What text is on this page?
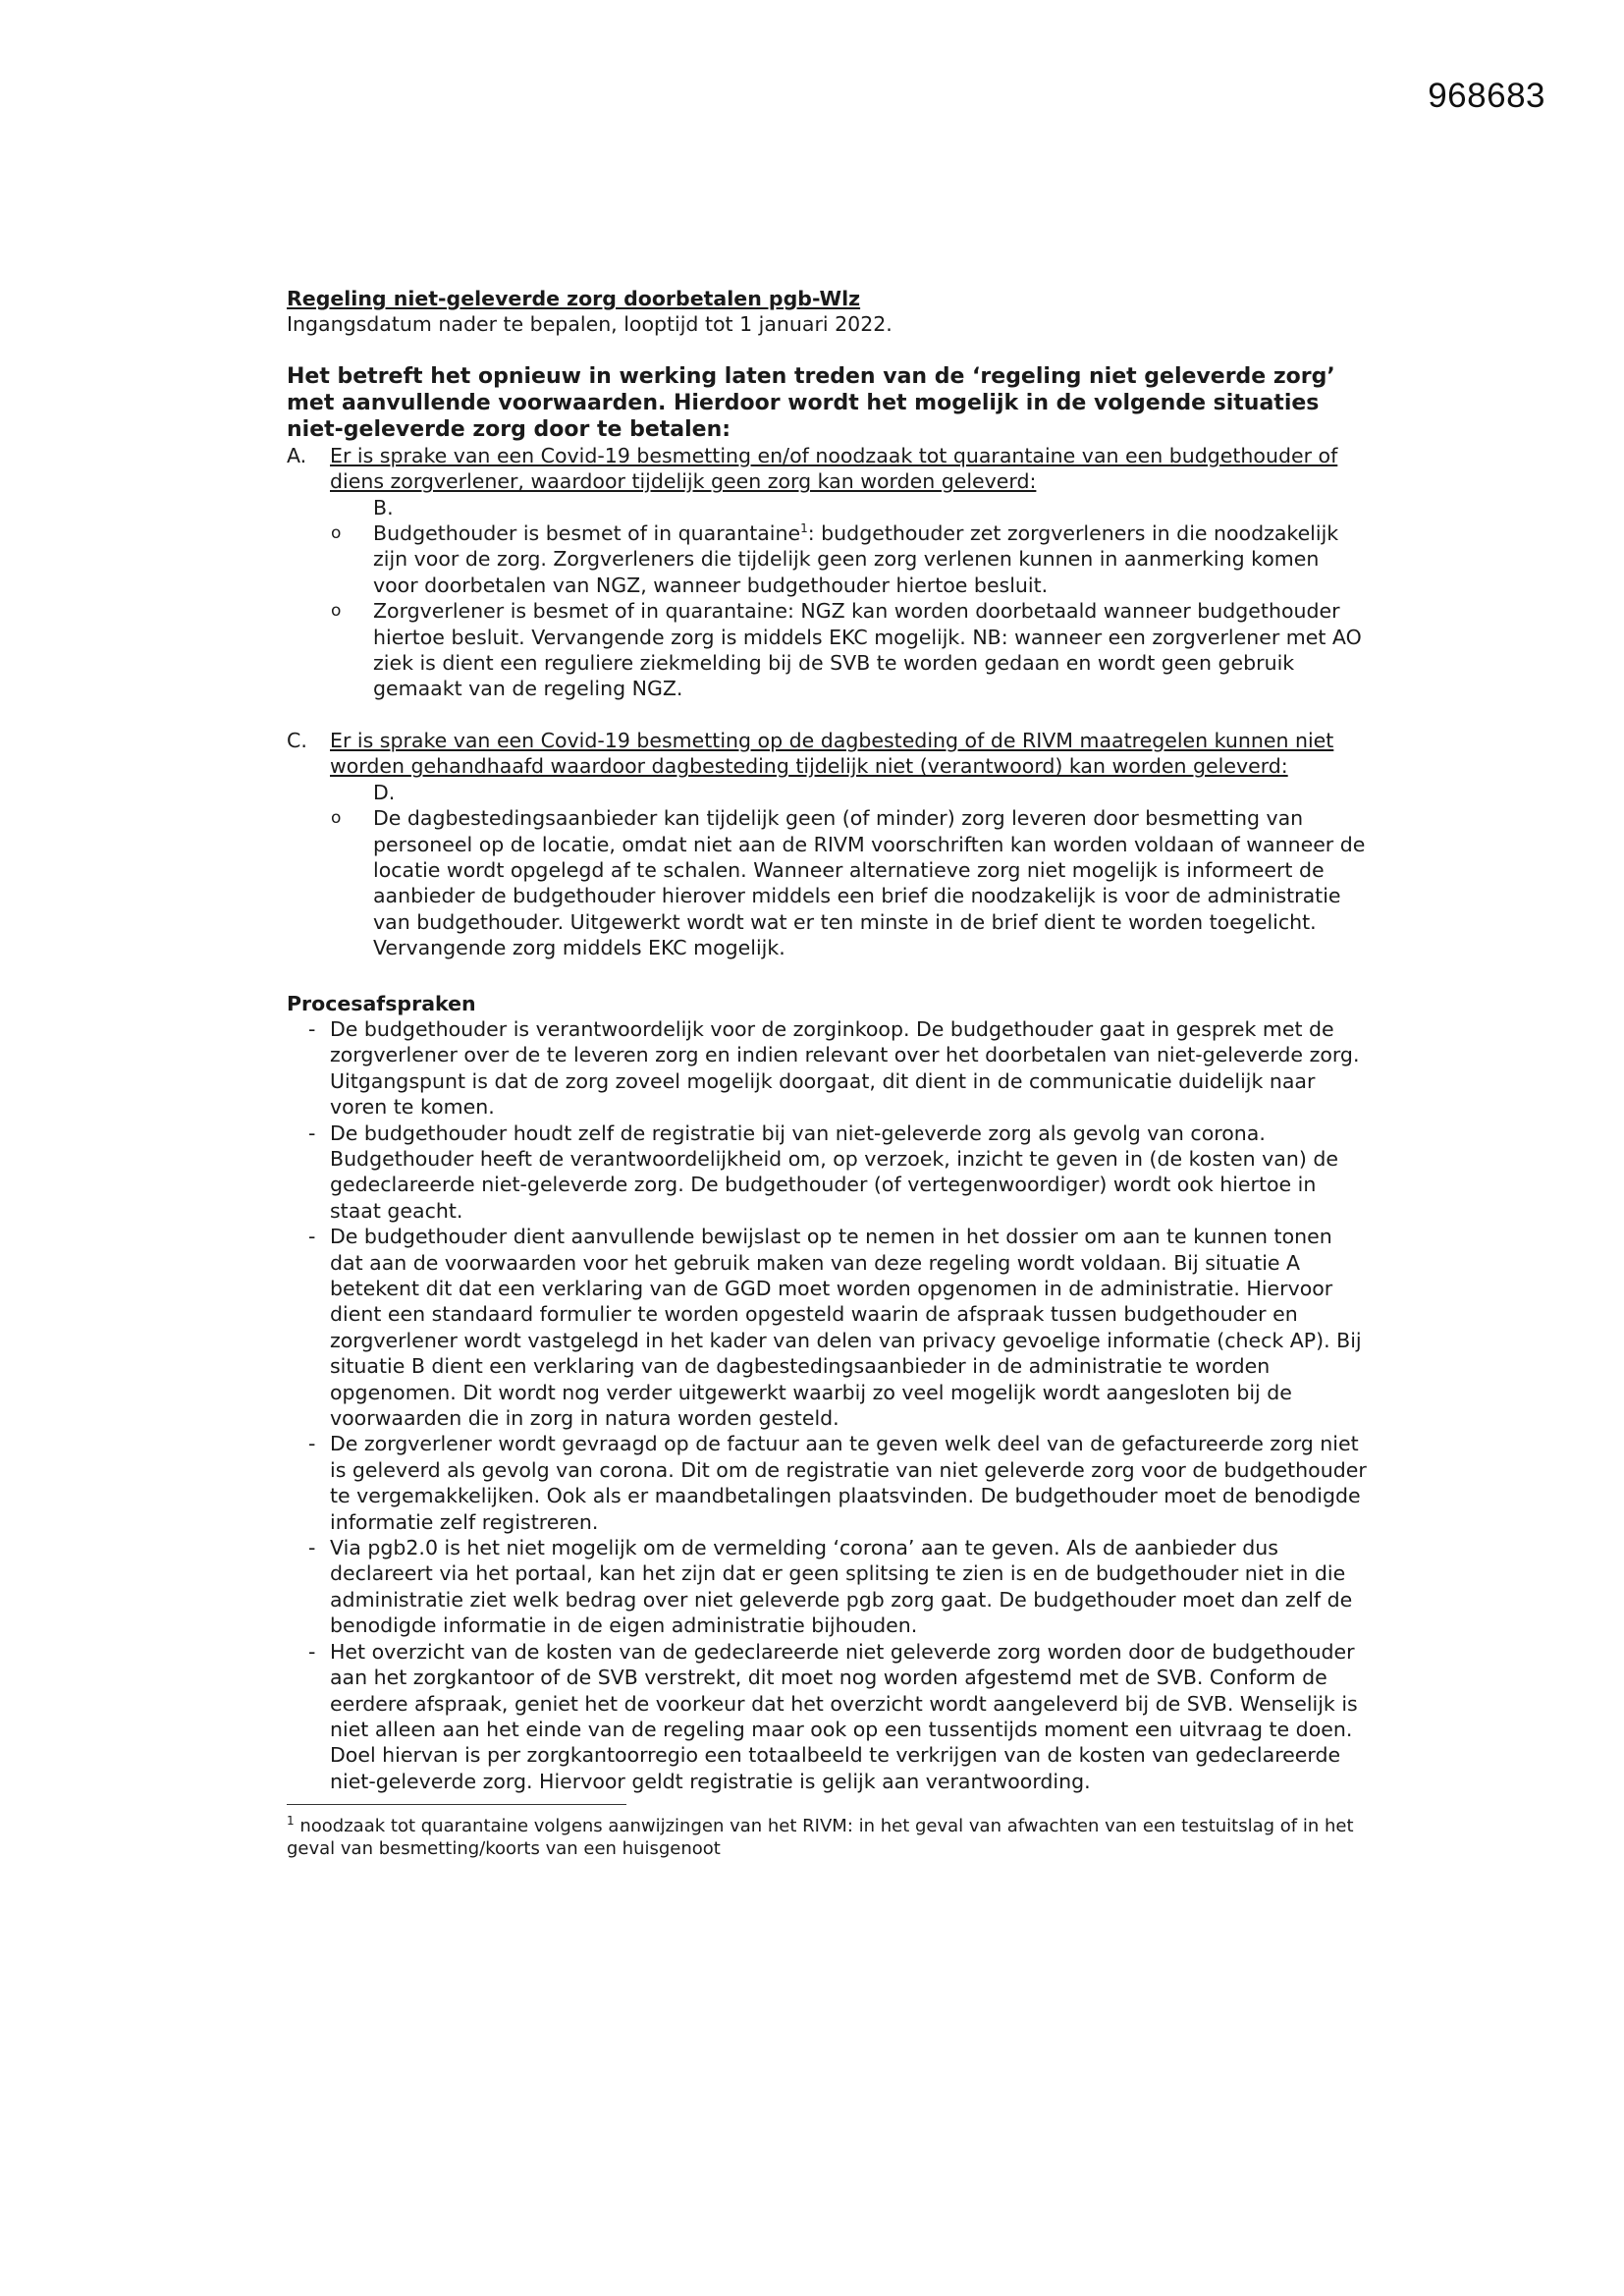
968683
Regeling niet-geleverde zorg doorbetalen pgb-Wlz
Ingangsdatum nader te bepalen, looptijd tot 1 januari 2022.
Het betreft het opnieuw in werking laten treden van de ‘regeling niet geleverde zorg’ met aanvullende voorwaarden. Hierdoor wordt het mogelijk in de volgende situaties niet-geleverde zorg door te betalen:
A.	Er is sprake van een Covid-19 besmetting en/of noodzaak tot quarantaine van een budgethouder of diens zorgverlener, waardoor tijdelijk geen zorg kan worden geleverd:
B.
o Budgethouder is besmet of in quarantaine$^1$: budgethouder zet zorgverleners in die noodzakelijk zijn voor de zorg. Zorgverleners die tijdelijk geen zorg verlenen kunnen in aanmerking komen voor doorbetalen van NGZ, wanneer budgethouder hiertoe besluit.
o Zorgverlener is besmet of in quarantaine: NGZ kan worden doorbetaald wanneer budgethouder hiertoe besluit. Vervangende zorg is middels EKC mogelijk. NB: wanneer een zorgverlener met AO ziek is dient een reguliere ziekmelding bij de SVB te worden gedaan en wordt geen gebruik gemaakt van de regeling NGZ.
C.	Er is sprake van een Covid-19 besmetting op de dagbesteding of de RIVM maatregelen kunnen niet worden gehandhaafd waardoor dagbesteding tijdelijk niet (verantwoord) kan worden geleverd:
D.
o De dagbestedingsaanbieder kan tijdelijk geen (of minder) zorg leveren door besmetting van personeel op de locatie, omdat niet aan de RIVM voorschriften kan worden voldaan of wanneer de locatie wordt opgelegd af te schalen. Wanneer alternatieve zorg niet mogelijk is informeert de aanbieder de budgethouder hierover middels een brief die noodzakelijk is voor de administratie van budgethouder. Uitgewerkt wordt wat er ten minste in de brief dient te worden toegelicht. Vervangende zorg middels EKC mogelijk.
Procesafspraken
- De budgethouder is verantwoordelijk voor de zorginkoop. De budgethouder gaat in gesprek met de zorgverlener over de te leveren zorg en indien relevant over het doorbetalen van niet-geleverde zorg. Uitgangspunt is dat de zorg zoveel mogelijk doorgaat, dit dient in de communicatie duidelijk naar voren te komen.
- De budgethouder houdt zelf de registratie bij van niet-geleverde zorg als gevolg van corona. Budgethouder heeft de verantwoordelijkheid om, op verzoek, inzicht te geven in (de kosten van) de gedeclareerde niet-geleverde zorg. De budgethouder (of vertegenwoordiger) wordt ook hiertoe in staat geacht.
- De budgethouder dient aanvullende bewijslast op te nemen in het dossier om aan te kunnen tonen dat aan de voorwaarden voor het gebruik maken van deze regeling wordt voldaan. Bij situatie A betekent dit dat een verklaring van de GGD moet worden opgenomen in de administratie. Hiervoor dient een standaard formulier te worden opgesteld waarin de afspraak tussen budgethouder en zorgverlener wordt vastgelegd in het kader van delen van privacy gevoelige informatie (check AP). Bij situatie B dient een verklaring van de dagbestedingsaanbieder in de administratie te worden opgenomen. Dit wordt nog verder uitgewerkt waarbij zo veel mogelijk wordt aangesloten bij de voorwaarden die in zorg in natura worden gesteld.
- De zorgverlener wordt gevraagd op de factuur aan te geven welk deel van de gefactureerde zorg niet is geleverd als gevolg van corona. Dit om de registratie van niet geleverde zorg voor de budgethouder te vergemakkelijken. Ook als er maandbetalingen plaatsvinden. De budgethouder moet de benodigde informatie zelf registreren.
- Via pgb2.0 is het niet mogelijk om de vermelding ‘corona’ aan te geven. Als de aanbieder dus declareert via het portaal, kan het zijn dat er geen splitsing te zien is en de budgethouder niet in die administratie ziet welk bedrag over niet geleverde pgb zorg gaat. De budgethouder moet dan zelf de benodigde informatie in de eigen administratie bijhouden.
- Het overzicht van de kosten van de gedeclareerde niet geleverde zorg worden door de budgethouder aan het zorgkantoor of de SVB verstrekt, dit moet nog worden afgestemd met de SVB. Conform de eerdere afspraak, geniet het de voorkeur dat het overzicht wordt aangeleverd bij de SVB. Wenselijk is niet alleen aan het einde van de regeling maar ook op een tussentijds moment een uitvraag te doen. Doel hiervan is per zorgkantoorregio een totaalbeeld te verkrijgen van de kosten van gedeclareerde niet-geleverde zorg. Hiervoor geldt registratie is gelijk aan verantwoording.
$^1$ noodzaak tot quarantaine volgens aanwijzingen van het RIVM: in het geval van afwachten van een testuitslag of in het geval van besmetting/koorts van een huisgenoot
